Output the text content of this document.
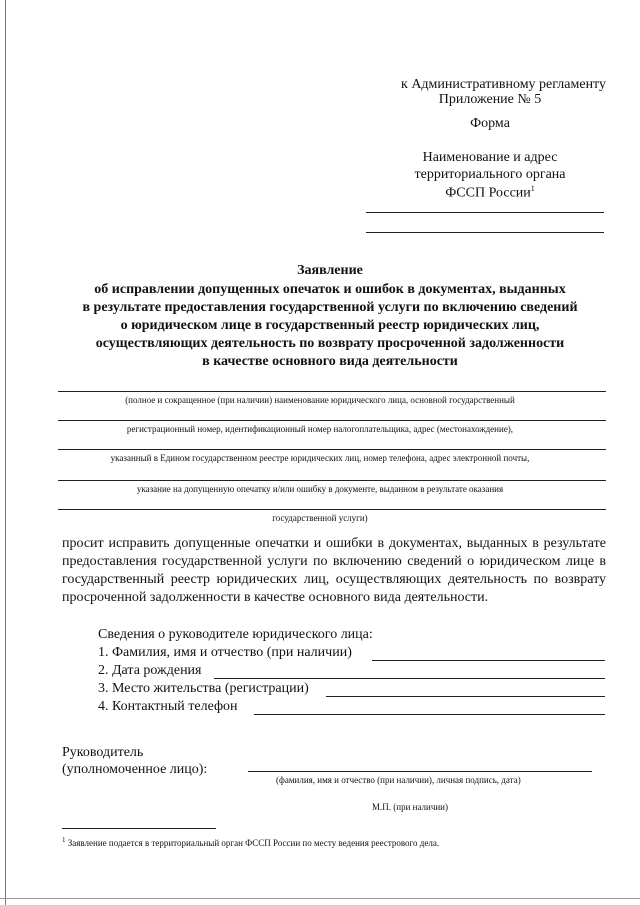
Приложение № 5
к Административному регламенту
Форма
Наименование и адрес
территориального органа
ФССП России$^1$
Заявление
об исправлении допущенных опечаток и ошибок в документах, выданных
в результате предоставления государственной услуги по включению сведений
о юридическом лице в государственный реестр юридических лиц,
осуществляющих деятельность по возврату просроченной задолженности
в качестве основного вида деятельности
(полное и сокращенное (при наличии) наименование юридического лица, основной государственный
регистрационный номер, идентификационный номер налогоплательщика, адрес (местонахождение),
указанный в Едином государственном реестре юридических лиц, номер телефона, адрес электронной почты,
указание на допущенную опечатку и/или ошибку в документе, выданном в результате оказания
государственной услуги)
просит исправить допущенные опечатки и ошибки в документах, выданных в результате предоставления государственной услуги по включению сведений о юридическом лице в государственный реестр юридических лиц, осуществляющих деятельность по возврату просроченной задолженности в качестве основного вида деятельности.
Сведения о руководителе юридического лица:
1. Фамилия, имя и отчество (при наличии)
2. Дата рождения
3. Место жительства (регистрации)
4. Контактный телефон
Руководитель
(уполномоченное лицо):
(фамилия, имя и отчество (при наличии), личная подпись, дата)
М.П. (при наличии)
$^1$ Заявление подается в территориальный орган ФССП России по месту ведения реестрового дела.
